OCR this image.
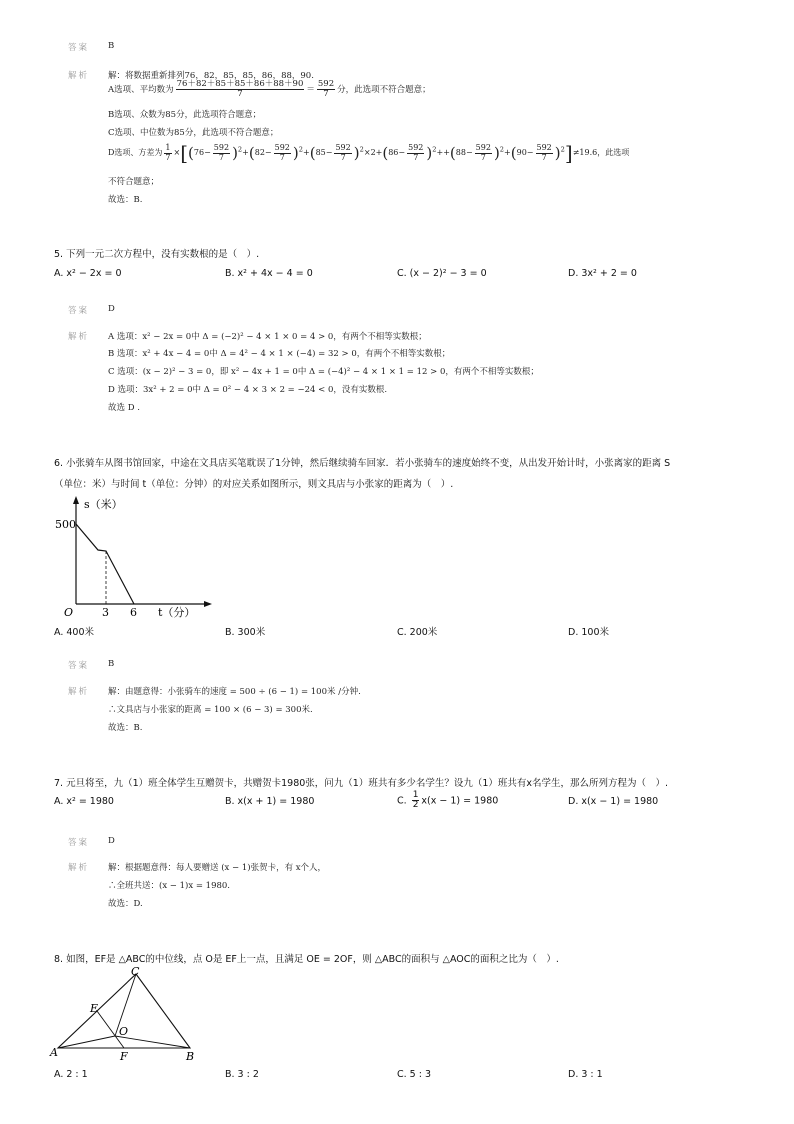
答案 B
解析 解：将数据重新排列76，82，85，85，86，88，90.
A选项、平均数为 $\frac{76+82+85+85+86+88+90}{7} = \frac{592}{7}$ 分，此选项不符合题意；
B选项、众数为85分，此选项符合题意；
C选项、中位数为85分，此选项不符合题意；
D选项、方差为 $\frac{1}{7} \times[(76- \frac{592}{7} )^2+(82- \frac{592}{7} )^2+(85- \frac{592}{7} )^2\times 2+(86- \frac{592}{7} )^2++(88- \frac{592}{7} )^2+(90- \frac{592}{7} )^2]\ne 19.6$，此选项
不符合题意；
故选：B.
5. 下列一元二次方程中，没有实数根的是（　）.
A. x² − 2x = 0	B. x² + 4x − 4 = 0	C. (x − 2)² − 3 = 0	D. 3x² + 2 = 0
答案 D
解析 A 选项：x² − 2x = 0中 Δ = (−2)² − 4 × 1 × 0 = 4 > 0，有两个不相等实数根；
B 选项：x² + 4x − 4 = 0中 Δ = 4² − 4 × 1 × (−4) = 32 > 0，有两个不相等实数根；
C 选项：(x − 2)² − 3 = 0，即 x² − 4x + 1 = 0中 Δ = (−4)² − 4 × 1 × 1 = 12 > 0，有两个不相等实数根；
D 选项：3x² + 2 = 0中 Δ = 0² − 4 × 3 × 2 = −24 < 0，没有实数根.
故选 D .
6. 小张骑车从图书馆回家，中途在文具店买笔耽误了1分钟，然后继续骑车回家．若小张骑车的速度始终不变，从出发开始计时，小张离家的距离 S
（单位：米）与时间 t（单位：分钟）的对应关系如图所示，则文具店与小张家的距离为（　）.
s（米）
500
O	3 6 t（分）
A. 400米	B. 300米	C. 200米	D. 100米
答案 B
解析 解：由题意得：小张骑车的速度 = 500 ÷ (6 − 1) = 100米 /分钟.
∴文具店与小张家的距离 = 100 × (6 − 3) = 300米.
故选：B.
7. 元旦将至，九（1）班全体学生互赠贺卡，共赠贺卡1980张，问九（1）班共有多少名学生？设九（1）班共有x名学生，那么所列方程为（　）.
A. x² = 1980	B. x(x + 1) = 1980	C. $\frac{1}{2} x(x - 1) = 1980$	D. x(x − 1) = 1980
答案 D
解析 解：根据题意得：每人要赠送 (x − 1)张贺卡，有 x个人，
∴全班共送：(x − 1)x = 1980.
故选：D.
8. 如图，EF是 △ABC的中位线，点 O是 EF上一点，且满足 OE = 2OF，则 △ABC的面积与 △AOC的面积之比为（　）.
A	B
C
E
F
O
A. 2 : 1	B. 3 : 2	C. 5 : 3	D. 3 : 1
